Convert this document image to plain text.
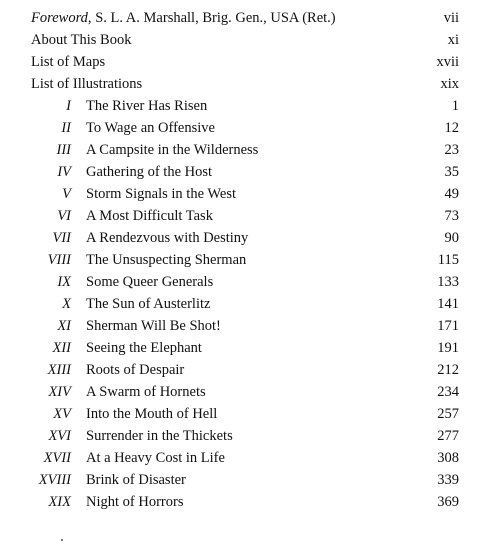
Foreword, S. L. A. Marshall, Brig. Gen., USA (Ret.)	vii
About This Book	xi
List of Maps	xvii
List of Illustrations	xix
I The River Has Risen	1
II To Wage an Offensive	12
III A Campsite in the Wilderness	23
IV Gathering of the Host	35
V Storm Signals in the West	49
VI A Most Difficult Task	73
VII A Rendezvous with Destiny	90
VIII The Unsuspecting Sherman	115
IX Some Queer Generals	133
X The Sun of Austerlitz	141
XI Sherman Will Be Shot!	171
XII Seeing the Elephant	191
XIII Roots of Despair	212
XIV A Swarm of Hornets	234
XV Into the Mouth of Hell	257
XVI Surrender in the Thickets	277
XVII At a Heavy Cost in Life	308
XVIII Brink of Disaster	339
XIX Night of Horrors	369
